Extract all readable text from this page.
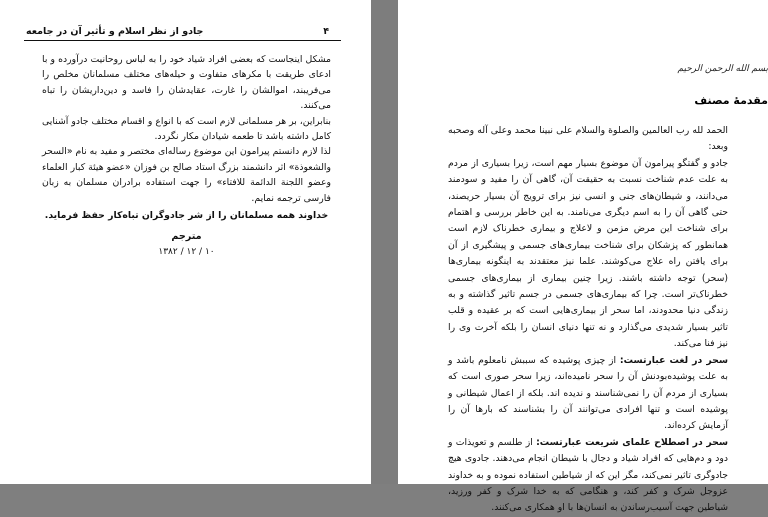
۴
جادو از نظر اسلام و تأثیر آن در جامعه

مشکل اینجاست که بعضی افراد شیاد خود را به لباس روحانیت درآورده و با ادعای طریقت با مکرهای متفاوت و حیله‌های مختلف مسلمانان مخلص را می‌فریبند، اموالشان را غارت، عقایدشان را فاسد و دین‌داریشان را تباه می‌کنند.

بنابراین، بر هر مسلمانی لازم است که با انواع و اقسام مختلف جادو آشنایی کامل داشته باشد تا طعمه شیادان مکار نگردد.

لذا لازم دانستم پیرامون این موضوع رساله‌ای مختصر و مفید به نام «السحر والشعوذة» اثر دانشمند بزرگ استاد صالح بن فوزان «عضو هیئة کبار العلماء وعضو اللجنة الدائمة للافتاء» را جهت استفاده برادران مسلمان به زبان فارسی ترجمه نمایم.

خداوند همه مسلمانان را از شر جادوگران تباه‌کار حفظ فرماید.

مترجم

۱۰ / ۱۲ / ۱۳۸۲

بسم الله الرحمن الرحیم
مقدمهٔ مصنف

الحمد لله رب العالمین والصلوة والسلام علی نبینا محمد وعلی آله وصحبه وبعد:

جادو و گفتگو پیرامون آن موضوع بسیار مهم است، زیرا بسیاری از مردم به علت عدم شناخت نسبت به حقیقت آن، گاهی آن را مفید و سودمند می‌دانند، و شیطان‌های جنی و انسی نیز برای ترویج آن بسیار حریصند، حتی گاهی آن را به اسم دیگری می‌نامند. به این خاطر بررسی و اهتمام برای شناخت این مرض مزمن و لاعلاج و بیماری خطرناک لازم است همانطور که پزشکان برای شناخت بیماری‌های جسمی و پیشگیری از آن برای یافتن راه علاج می‌کوشند. علما نیز معتقدند به اینگونه بیماری‌ها (سحر) توجه داشته باشند. زیرا چنین بیماری از بیماری‌های جسمی خطرناک‌تر است. چرا که بیماری‌های جسمی در جسم تاثیر گذاشته و به زندگی دنیا محدودند، اما سحر از بیماری‌هایی است که بر عقیده و قلب تاثیر بسیار شدیدی می‌گذارد و نه تنها دنیای انسان را بلکه آخرت وی را نیز فنا می‌کند.

سحر در لغت عبارتست: از چیزی پوشیده که سببش نامعلوم باشد و به علت پوشیده‌بودنش آن را سحر نامیده‌اند، زیرا سحر صوری است که بسیاری از مردم آن را نمی‌شناسند و ندیده اند. بلکه از اعمال شیطانی و پوشیده است و تنها افرادی می‌توانند آن را بشناسند که بارها آن را آزمایش کرده‌اند.

سحر در اصطلاح علمای شریعت عبارتست: از طلسم و تعویذات و دود و دم‌هایی که افراد شیاد و دجال با شیطان انجام می‌دهند. جادوی هیچ جادوگری تاثیر نمی‌کند، مگر این که از شیاطین استفاده نموده و به خداوند عزوجل شرک و کفر کند، و هنگامی که به خدا شرک و کفر ورزید، شیاطین جهت آسیب‌رساندن به انسان‌ها با او همکاری می‌کنند.
